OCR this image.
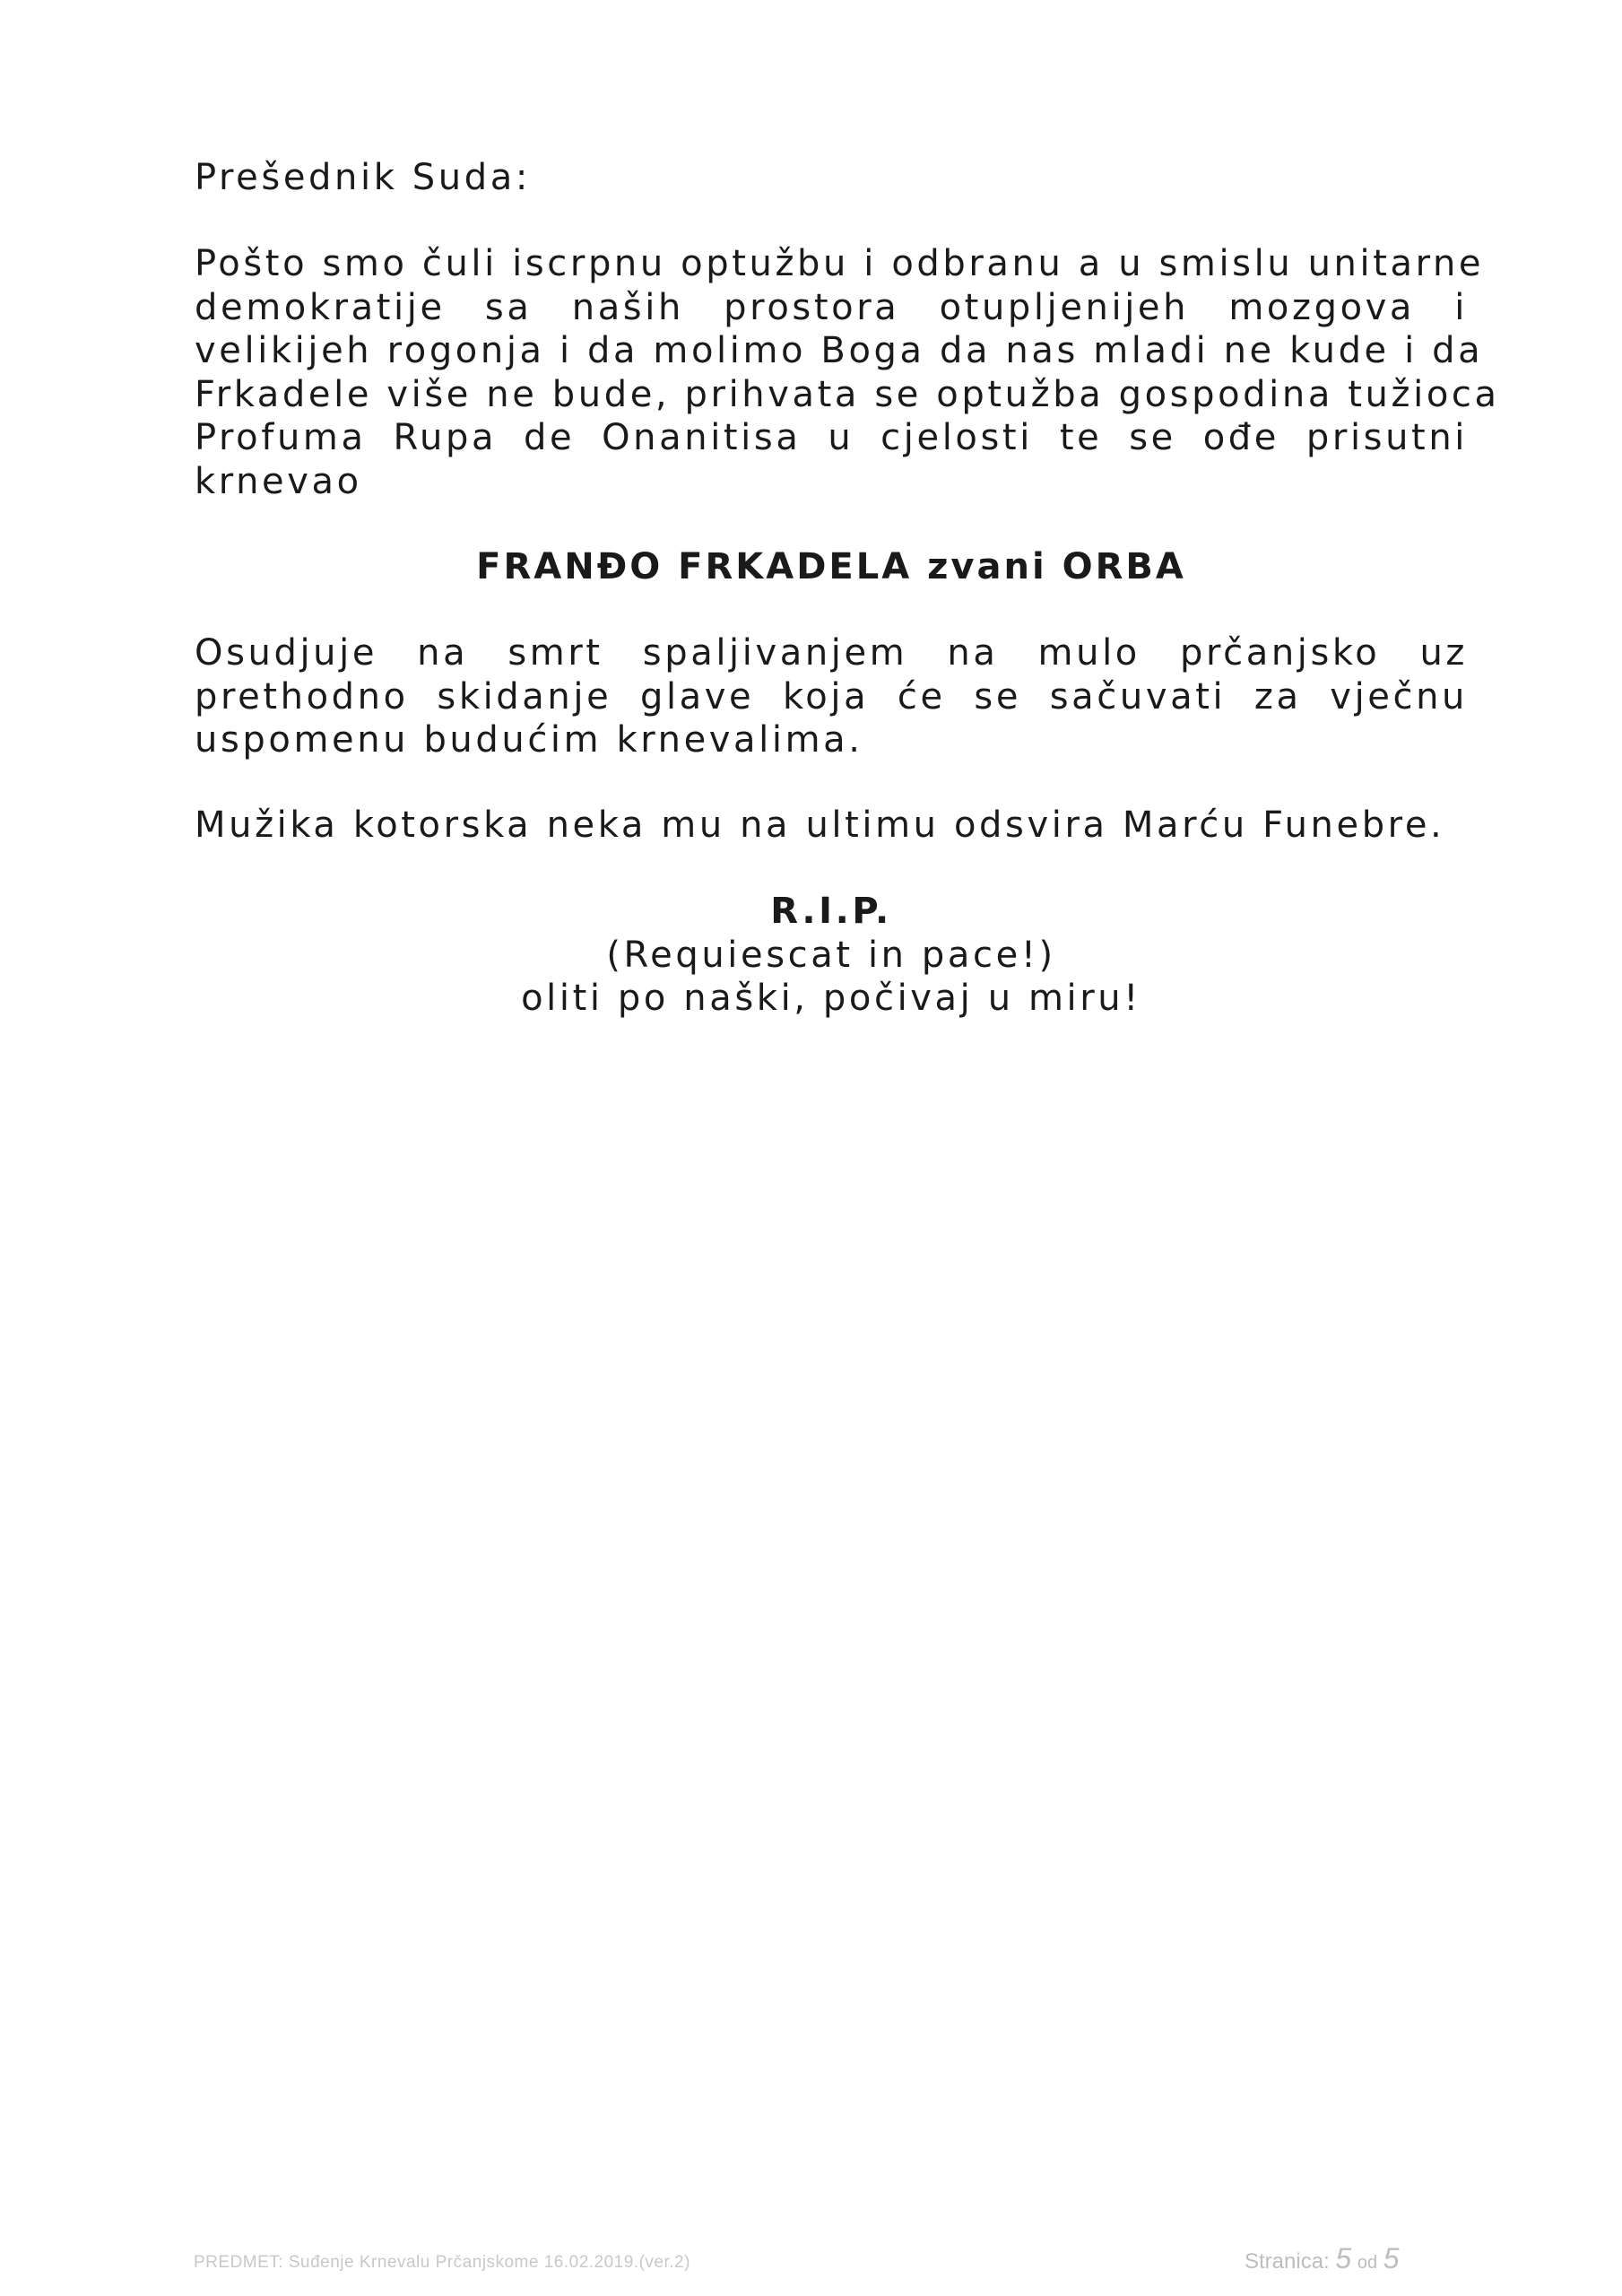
Prešednik Suda:
Pošto smo čuli iscrpnu optužbu i odbranu a u smislu unitarne
demokratije sa naših prostora otupljenijeh mozgova i
velikijeh rogonja i da molimo Boga da nas mladi ne kude i da
Frkadele više ne bude, prihvata se optužba gospodina tužioca
Profuma Rupa de Onanitisa u cjelosti te se ođe prisutni
krnevao
FRANĐO FRKADELA zvani ORBA
Osudjuje na smrt spaljivanjem na mulo prčanjsko uz
prethodno skidanje glave koja će se sačuvati za vječnu
uspomenu budućim krnevalima.
Mužika kotorska neka mu na ultimu odsvira Marću Funebre.
R.I.P.
(Requiescat in pace!)
oliti po naški, počivaj u miru!
PREDMET: Suđenje Krnevalu Prčanjskome 16.02.2019.(ver.2)	Stranica: 5 od 5
